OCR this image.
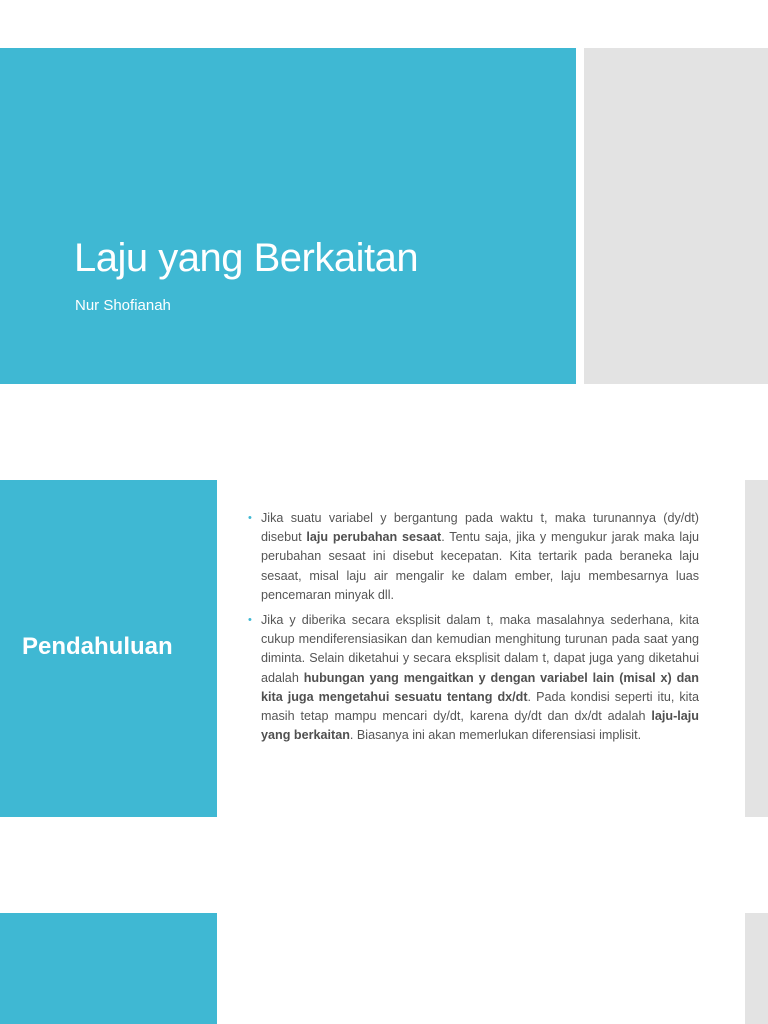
Laju yang Berkaitan

Nur Shofianah

Pendahuluan
• Jika suatu variabel y bergantung pada waktu t, maka turunannya (dy/dt) disebut laju perubahan sesaat. Tentu saja, jika y mengukur jarak maka laju perubahan sesaat ini disebut kecepatan. Kita tertarik pada beraneka laju sesaat, misal laju air mengalir ke dalam ember, laju membesarnya luas pencemaran minyak dll.
• Jika y diberika secara eksplisit dalam t, maka masalahnya sederhana, kita cukup mendiferensiasikan dan kemudian menghitung turunan pada saat yang diminta. Selain diketahui y secara eksplisit dalam t, dapat juga yang diketahui adalah hubungan yang mengaitkan y dengan variabel lain (misal x) dan kita juga mengetahui sesuatu tentang dx/dt. Pada kondisi seperti itu, kita masih tetap mampu mencari dy/dt, karena dy/dt dan dx/dt adalah laju-laju yang berkaitan. Biasanya ini akan memerlukan diferensiasi implisit.
